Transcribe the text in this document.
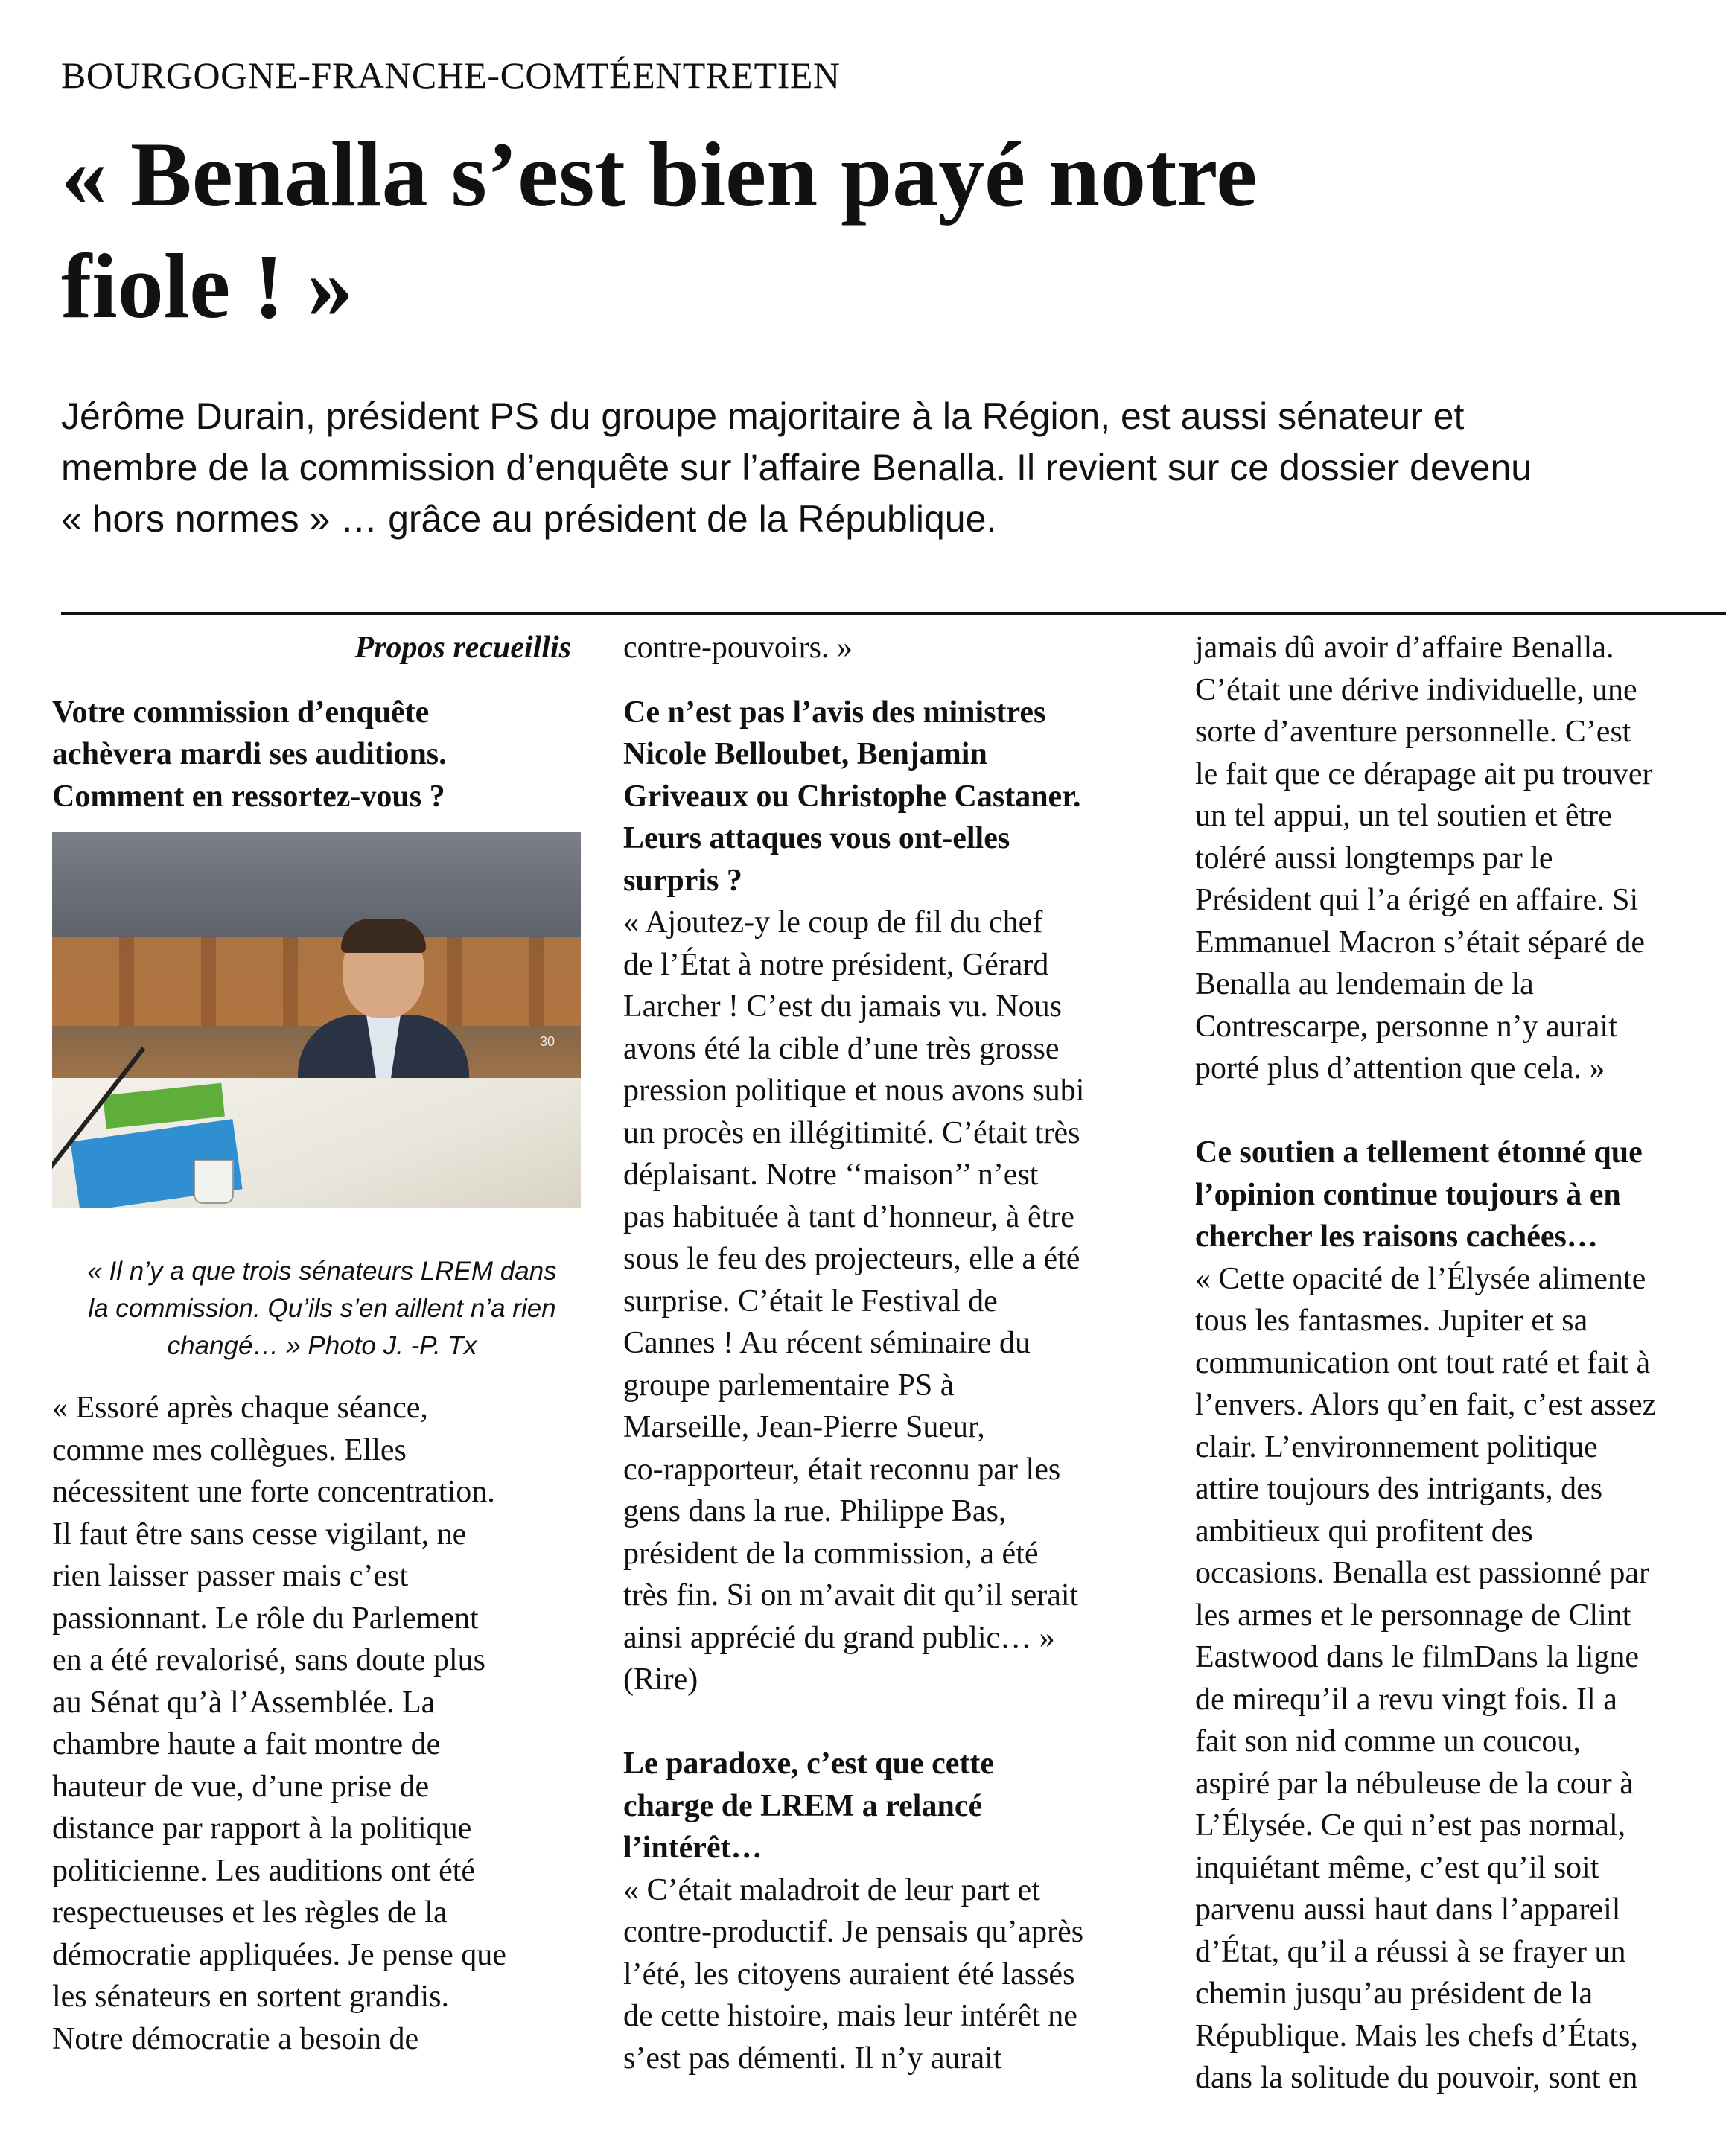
BOURGOGNE-FRANCHE-COMTÉENTRETIEN
« Benalla s’est bien payé notre
fiole ! »
Jérôme Durain, président PS du groupe majoritaire à la Région, est aussi sénateur et
membre de la commission d’enquête sur l’affaire Benalla. Il revient sur ce dossier devenu
« hors normes » … grâce au président de la République.
Propos recueillis
Votre commission d’enquête
achèvera mardi ses auditions.
Comment en ressortez-vous ?
30
« Il n’y a que trois sénateurs LREM dans
la commission. Qu’ils s’en aillent n’a rien
changé… » Photo J. -P. Tx
« Essoré après chaque séance,
comme mes collègues. Elles
nécessitent une forte concentration.
Il faut être sans cesse vigilant, ne
rien laisser passer mais c’est
passionnant. Le rôle du Parlement
en a été revalorisé, sans doute plus
au Sénat qu’à l’Assemblée. La
chambre haute a fait montre de
hauteur de vue, d’une prise de
distance par rapport à la politique
politicienne. Les auditions ont été
respectueuses et les règles de la
démocratie appliquées. Je pense que
les sénateurs en sortent grandis.
Notre démocratie a besoin de
contre-pouvoirs. »
Ce n’est pas l’avis des ministres
Nicole Belloubet, Benjamin
Griveaux ou Christophe Castaner.
Leurs attaques vous ont-elles
surpris ?
« Ajoutez-y le coup de fil du chef
de l’État à notre président, Gérard
Larcher ! C’est du jamais vu. Nous
avons été la cible d’une très grosse
pression politique et nous avons subi
un procès en illégitimité. C’était très
déplaisant. Notre ‘‘maison’’ n’est
pas habituée à tant d’honneur, à être
sous le feu des projecteurs, elle a été
surprise. C’était le Festival de
Cannes ! Au récent séminaire du
groupe parlementaire PS à
Marseille, Jean-Pierre Sueur,
co-rapporteur, était reconnu par les
gens dans la rue. Philippe Bas,
président de la commission, a été
très fin. Si on m’avait dit qu’il serait
ainsi apprécié du grand public… »
(Rire)
Le paradoxe, c’est que cette
charge de LREM a relancé
l’intérêt…
« C’était maladroit de leur part et
contre-productif. Je pensais qu’après
l’été, les citoyens auraient été lassés
de cette histoire, mais leur intérêt ne
s’est pas démenti. Il n’y aurait
jamais dû avoir d’affaire Benalla.
C’était une dérive individuelle, une
sorte d’aventure personnelle. C’est
le fait que ce dérapage ait pu trouver
un tel appui, un tel soutien et être
toléré aussi longtemps par le
Président qui l’a érigé en affaire. Si
Emmanuel Macron s’était séparé de
Benalla au lendemain de la
Contrescarpe, personne n’y aurait
porté plus d’attention que cela. »
Ce soutien a tellement étonné que
l’opinion continue toujours à en
chercher les raisons cachées…
« Cette opacité de l’Élysée alimente
tous les fantasmes. Jupiter et sa
communication ont tout raté et fait à
l’envers. Alors qu’en fait, c’est assez
clair. L’environnement politique
attire toujours des intrigants, des
ambitieux qui profitent des
occasions. Benalla est passionné par
les armes et le personnage de Clint
Eastwood dans le filmDans la ligne
de mirequ’il a revu vingt fois. Il a
fait son nid comme un coucou,
aspiré par la nébuleuse de la cour à
L’Élysée. Ce qui n’est pas normal,
inquiétant même, c’est qu’il soit
parvenu aussi haut dans l’appareil
d’État, qu’il a réussi à se frayer un
chemin jusqu’au président de la
République. Mais les chefs d’États,
dans la solitude du pouvoir, sont en
